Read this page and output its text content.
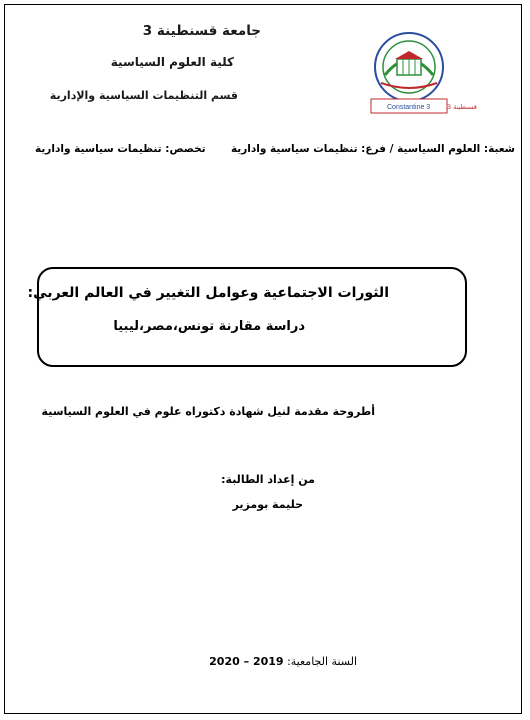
جامعة قسنطينة 3
كلية العلوم السياسية
قسم التنظيمات السياسية والإدارية
Constantine 3	قسنطينة 3
شعبة: العلوم السياسية / فرع: تنظيمات سياسية وادارية
تخصص: تنظيمات سياسية وادارية
الثورات الاجتماعية وعوامل التغيير في العالم العربي:
دراسة مقارنة تونس،مصر،ليبيا
أطروحة مقدمة لنيل شهادة دكتوراه علوم في العلوم السياسية
من إعداد الطالبة:
حليمة بومزير
السنة الجامعية: 2019 – 2020
